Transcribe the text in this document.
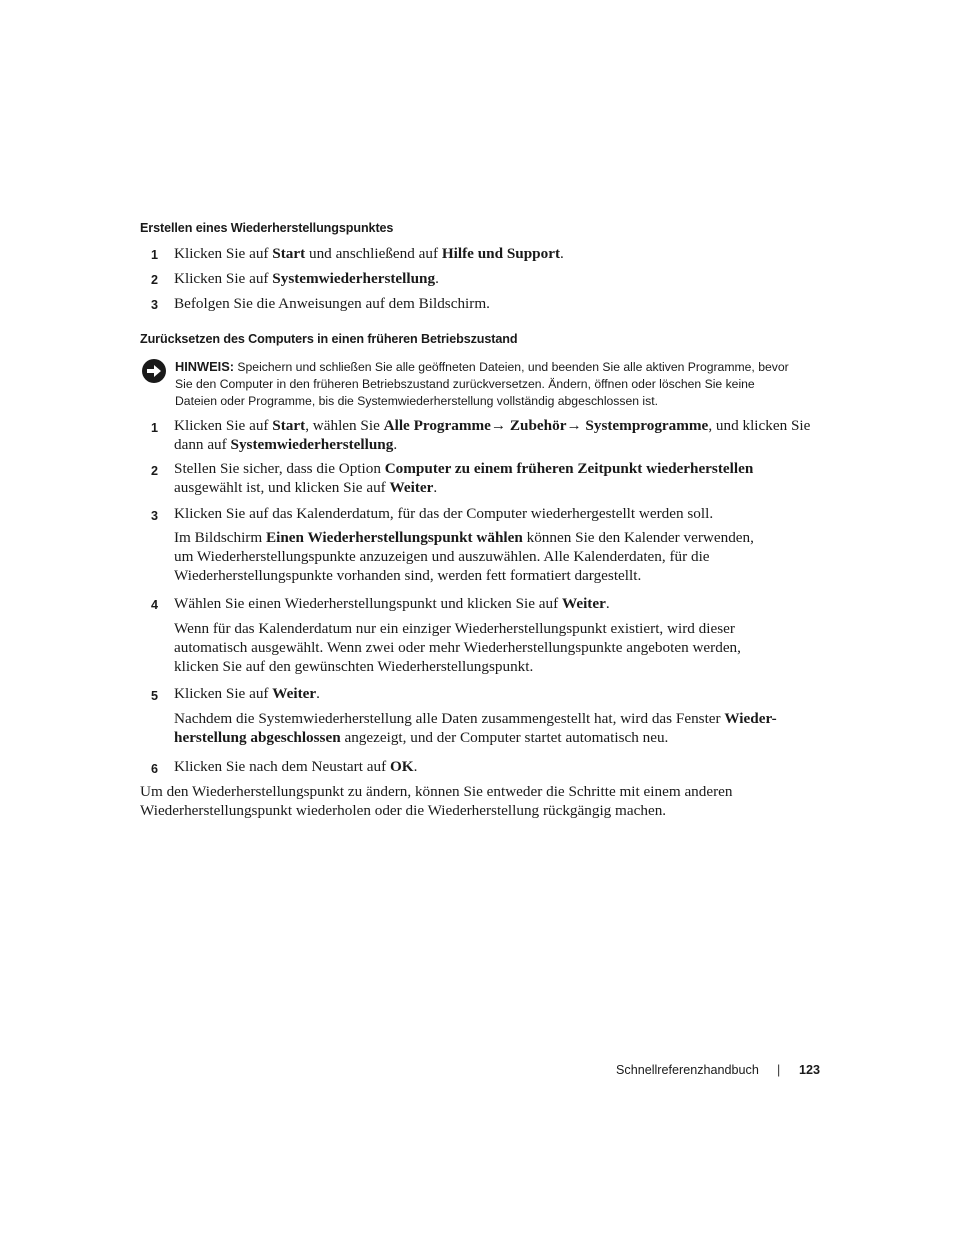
Erstellen eines Wiederherstellungspunktes
1 Klicken Sie auf Start und anschließend auf Hilfe und Support.
2 Klicken Sie auf Systemwiederherstellung.
3 Befolgen Sie die Anweisungen auf dem Bildschirm.
Zurücksetzen des Computers in einen früheren Betriebszustand
HINWEIS: Speichern und schließen Sie alle geöffneten Dateien, und beenden Sie alle aktiven Programme, bevor
Sie den Computer in den früheren Betriebszustand zurückversetzen. Ändern, öffnen oder löschen Sie keine
Dateien oder Programme, bis die Systemwiederherstellung vollständig abgeschlossen ist.
1 Klicken Sie auf Start, wählen Sie Alle Programme→ Zubehör→ Systemprogramme, und klicken Sie
dann auf Systemwiederherstellung.
2 Stellen Sie sicher, dass die Option Computer zu einem früheren Zeitpunkt wiederherstellen
ausgewählt ist, und klicken Sie auf Weiter.
3 Klicken Sie auf das Kalenderdatum, für das der Computer wiederhergestellt werden soll.
Im Bildschirm Einen Wiederherstellungspunkt wählen können Sie den Kalender verwenden,
um Wiederherstellungspunkte anzuzeigen und auszuwählen. Alle Kalenderdaten, für die
Wiederherstellungspunkte vorhanden sind, werden fett formatiert dargestellt.
4 Wählen Sie einen Wiederherstellungspunkt und klicken Sie auf Weiter.
Wenn für das Kalenderdatum nur ein einziger Wiederherstellungspunkt existiert, wird dieser
automatisch ausgewählt. Wenn zwei oder mehr Wiederherstellungspunkte angeboten werden,
klicken Sie auf den gewünschten Wiederherstellungspunkt.
5 Klicken Sie auf Weiter.
Nachdem die Systemwiederherstellung alle Daten zusammengestellt hat, wird das Fenster Wieder-
herstellung abgeschlossen angezeigt, und der Computer startet automatisch neu.
6 Klicken Sie nach dem Neustart auf OK.
Um den Wiederherstellungspunkt zu ändern, können Sie entweder die Schritte mit einem anderen
Wiederherstellungspunkt wiederholen oder die Wiederherstellung rückgängig machen.
Schnellreferenzhandbuch | 123
